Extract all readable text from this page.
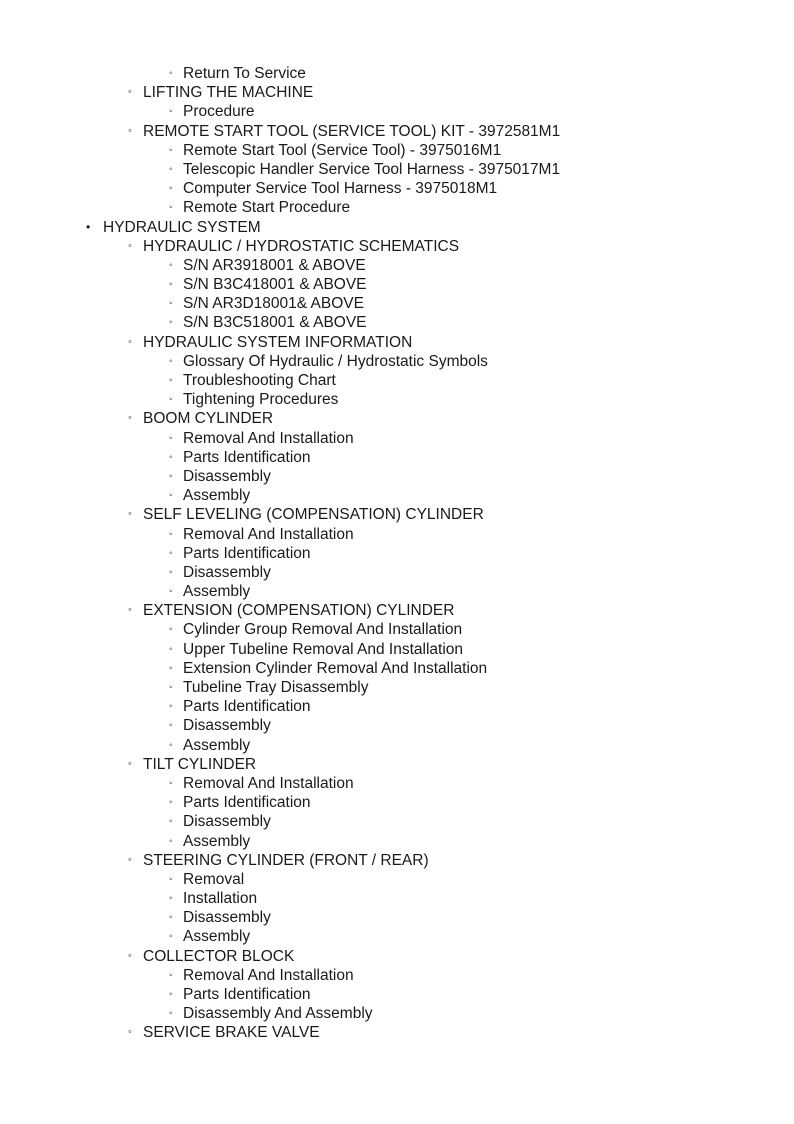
◦ Return To Service
◦ LIFTING THE MACHINE
◦ Procedure
◦ REMOTE START TOOL (SERVICE TOOL) KIT - 3972581M1
◦ Remote Start Tool (Service Tool) - 3975016M1
◦ Telescopic Handler Service Tool Harness - 3975017M1
◦ Computer Service Tool Harness - 3975018M1
◦ Remote Start Procedure
• HYDRAULIC SYSTEM
◦ HYDRAULIC / HYDROSTATIC SCHEMATICS
◦ S/N AR3918001 & ABOVE
◦ S/N B3C418001 & ABOVE
◦ S/N AR3D18001& ABOVE
◦ S/N B3C518001 & ABOVE
◦ HYDRAULIC SYSTEM INFORMATION
◦ Glossary Of Hydraulic / Hydrostatic Symbols
◦ Troubleshooting Chart
◦ Tightening Procedures
◦ BOOM CYLINDER
◦ Removal And Installation
◦ Parts Identification
◦ Disassembly
◦ Assembly
◦ SELF LEVELING (COMPENSATION) CYLINDER
◦ Removal And Installation
◦ Parts Identification
◦ Disassembly
◦ Assembly
◦ EXTENSION (COMPENSATION) CYLINDER
◦ Cylinder Group Removal And Installation
◦ Upper Tubeline Removal And Installation
◦ Extension Cylinder Removal And Installation
◦ Tubeline Tray Disassembly
◦ Parts Identification
◦ Disassembly
◦ Assembly
◦ TILT CYLINDER
◦ Removal And Installation
◦ Parts Identification
◦ Disassembly
◦ Assembly
◦ STEERING CYLINDER (FRONT / REAR)
◦ Removal
◦ Installation
◦ Disassembly
◦ Assembly
◦ COLLECTOR BLOCK
◦ Removal And Installation
◦ Parts Identification
◦ Disassembly And Assembly
◦ SERVICE BRAKE VALVE
